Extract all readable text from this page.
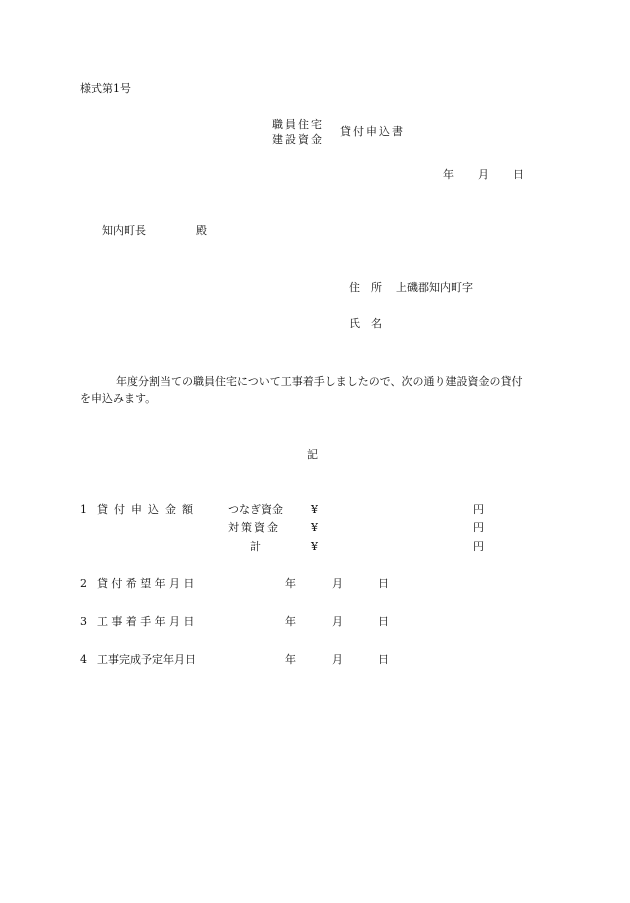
様式第1号
職員住宅
建設資金
貸付申込書
年 月 日
知内町長	殿
住　所 上磯郡知内町字
氏　名
年度分割当ての職員住宅について工事着手しましたので、次の通り建設資金の貸付
を申込みます。
記
1 貸付申込金額	つなぎ資金	¥	円
対策資金	¥	円
計	¥	円
2 貸付希望年月日	年	月	日
3 工事着手年月日	年	月	日
4 工事完成予定年月日	年	月	日
